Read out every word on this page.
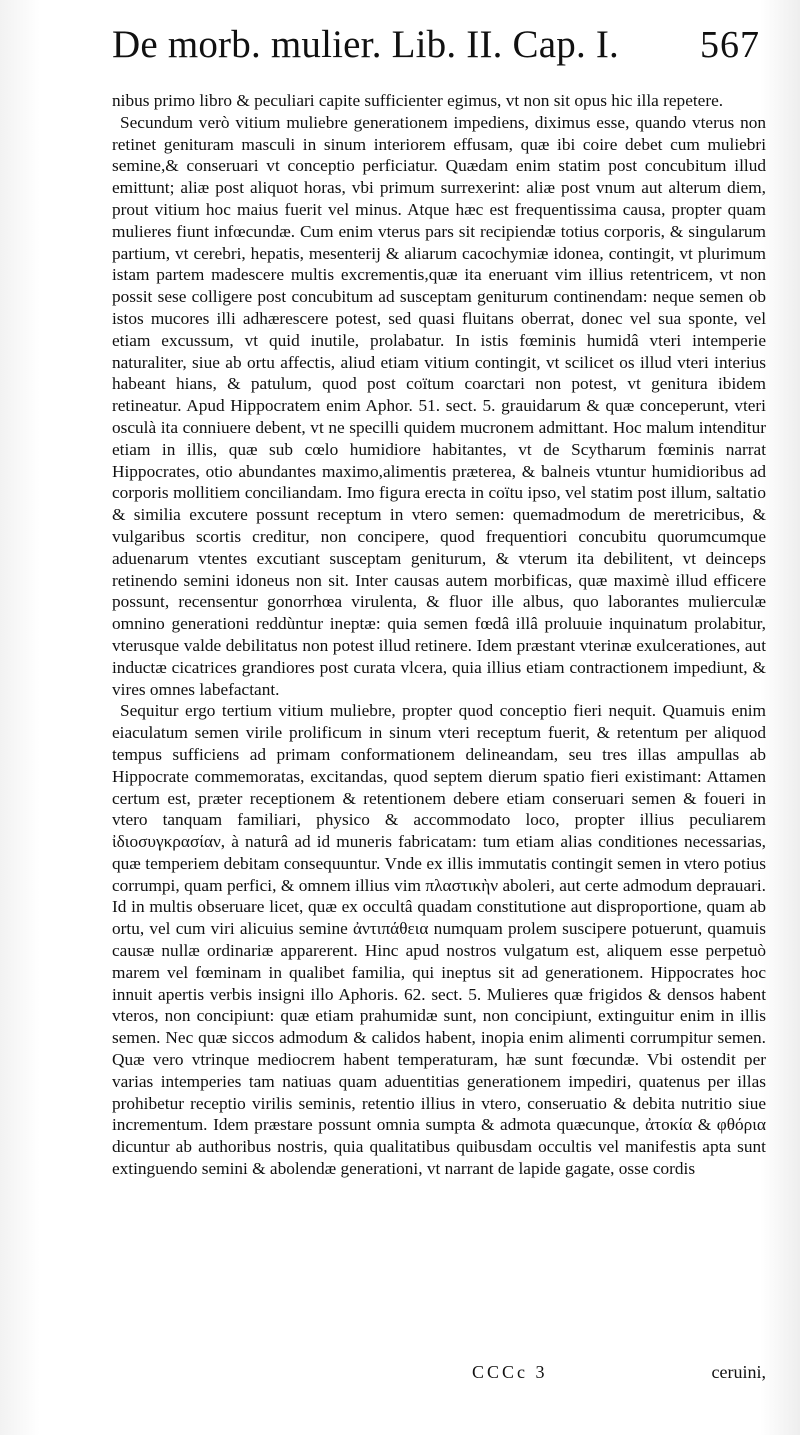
De morb. mulier. Lib. II. Cap. I. 567

nibus primo libro & peculiari capite sufficienter egimus, vt non sit opus hic illa repetere.

Secundum verò vitium muliebre generationem impediens, diximus esse, quando vterus non retinet genituram masculi in sinum interiorem effusam, quæ ibi coire debet cum muliebri semine,& conseruari vt conceptio perficiatur. Quædam enim statim post concubitum illud emittunt; aliæ post aliquot horas, vbi primum surrexerint: aliæ post vnum aut alterum diem, prout vitium hoc maius fuerit vel minus. Atque hæc est frequentissima causa, propter quam mulieres fiunt infœcundæ. Cum enim vterus pars sit recipiendæ totius corporis, & singularum partium, vt cerebri, hepatis, mesenterij & aliarum cacochymiæ idonea, contingit, vt plurimum istam partem madescere multis excrementis,quæ ita eneruant vim illius retentricem, vt non possit sese colligere post concubitum ad susceptam geniturum continendam: neque semen ob istos mucores illi adhærescere potest, sed quasi fluitans oberrat, donec vel sua sponte, vel etiam excussum, vt quid inutile, prolabatur. In istis fœminis humidâ vteri intemperie naturaliter, siue ab ortu affectis, aliud etiam vitium contingit, vt scilicet os illud vteri interius habeant hians, & patulum, quod post coïtum coarctari non potest, vt genitura ibidem retineatur. Apud Hippocratem enim Aphor. 51. sect. 5. grauidarum & quæ conceperunt, vteri osculà ita conniuere debent, vt ne specilli quidem mucronem admittant. Hoc malum intenditur etiam in illis, quæ sub cœlo humidiore habitantes, vt de Scytharum fœminis narrat Hippocrates, otio abundantes maximo,alimentis prætereа, & balneis vtuntur humidioribus ad corporis mollitiem conciliandam. Imo figura erecta in coïtu ipso, vel statim post illum, saltatio & similia excutere possunt receptum in vtero semen: quemadmodum de meretricibus, & vulgaribus scortis creditur, non concipere, quod frequentiori concubitu quorumcumque aduenarum vtentes excutiant susceptam geniturum, & vterum ita debilitent, vt deinceps retinendo semini idoneus non sit. Inter causas autem morbificas, quæ maximè illud efficere possunt, recensentur gonorrhœa virulenta, & fluor ille albus, quo laborantes mulierculæ omnino generationi reddùntur ineptæ: quia semen fœdâ illâ proluuie inquinatum prolabitur, vterusque valde debilitatus non potest illud retinere. Idem præstant vterinæ exulcerationes, aut inductæ cicatrices grandiores post curata vlcera, quia illius etiam contractionem impediunt, & vires omnes labefactant.

Sequitur ergo tertium vitium muliebre, propter quod conceptio fieri nequit. Quamuis enim eiaculatum semen virile prolificum in sinum vteri receptum fuerit, & retentum per aliquod tempus sufficiens ad primam conformationem delineandam, seu tres illas ampullas ab Hippocrate commemoratas, excitandas, quod septem dierum spatio fieri existimant: Attamen certum est, præter receptionem & retentionem debere etiam conseruari semen & foueri in vtero tanquam familiari, physico & accommodato loco, propter illius peculiarem ἰδιοσυγκρασίαν, à naturâ ad id muneris fabricatam: tum etiam alias conditiones necessarias, quæ temperiem debitam consequuntur. Vnde ex illis immutatis contingit semen in vtero potius corrumpi, quam perfici, & omnem illius vim πλαστικὴν aboleri, aut certe admodum deprauari. Id in multis obseruare licet, quæ ex occultâ quadam constitutione aut disproportione, quam ab ortu, vel cum viri alicuius semine ἀντιπάθεια numquam prolem suscipere potuerunt, quamuis causæ nullæ ordinariæ apparerent. Hinc apud nostros vulgatum est, aliquem esse perpetuò marem vel fœminam in qualibet familia, qui ineptus sit ad generationem. Hippocrates hoc innuit apertis verbis insigni illo Aphoris. 62. sect. 5. Mulieres quæ frigidos & densos habent vteros, non concipiunt: quæ etiam prahumidæ sunt, non concipiunt, extinguitur enim in illis semen. Nec quæ siccos admodum & calidos habent, inopia enim alimenti corrumpitur semen. Quæ vero vtrinque mediocrem habent temperaturam, hæ sunt fœcundæ. Vbi ostendit per varias intemperies tam natiuas quam aduentitias generationem impediri, quatenus per illas prohibetur receptio virilis seminis, retentio illius in vtero, conseruatio & debita nutritio siue incrementum. Idem præstare possunt omnia sumpta & admota quæcunque, ἀτοκία & φθόρια dicuntur ab authoribus nostris, quia qualitatibus quibusdam occultis vel manifestis apta sunt extinguendo semini & abolendæ generationi, vt narrant de lapide gagate, osse cordis

CCCc 3	ceruini,
